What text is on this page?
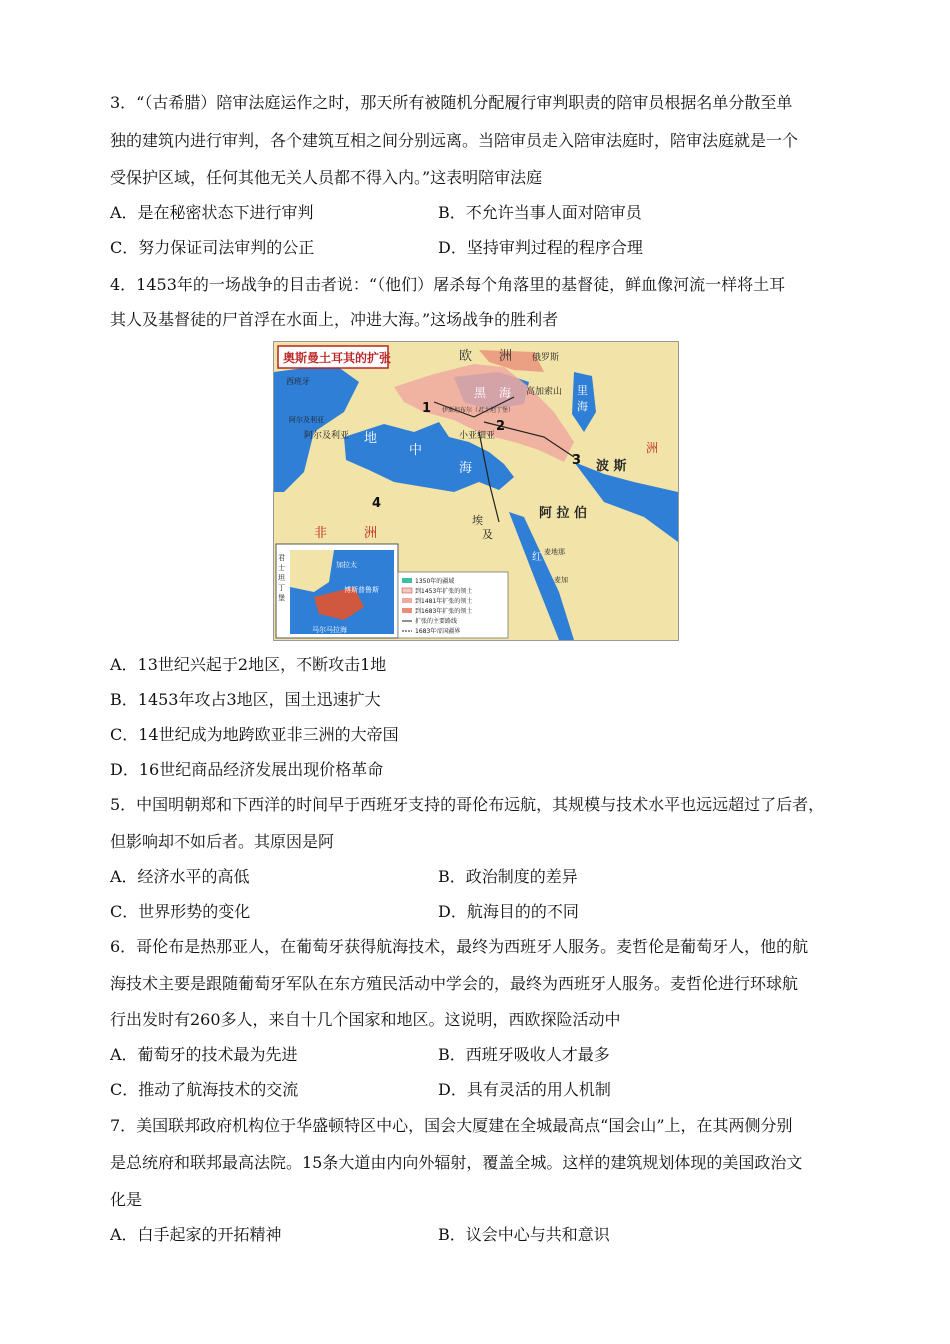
3．“（古希腊）陪审法庭运作之时，那天所有被随机分配履行审判职责的陪审员根据名单分散至单
独的建筑内进行审判，各个建筑互相之间分别远离。当陪审员走入陪审法庭时，陪审法庭就是一个
受保护区域，任何其他无关人员都不得入内。”这表明陪审法庭
A．是在秘密状态下进行审判	B．不允许当事人面对陪审员
C．努力保证司法审判的公正	D．坚持审判过程的程序合理
4．1453年的一场战争的目击者说：“（他们）屠杀每个角落里的基督徒，鲜血像河流一样将土耳
其人及基督徒的尸首浮在水面上，冲进大海。”这场战争的胜利者
奥斯曼土耳其的扩张	欧 洲 俄罗斯
西班牙
阿尔及利亚
阿尔及利亚 地
中
海
黑 海 高加索山 里
海
小亚细亚
波 斯
洲
阿 拉 伯
埃
及
非	洲
红 麦地那
麦加
伊斯坦布尔（君士坦丁堡）
1
2
3
4
君
士
坦
丁
堡
加拉太
博斯普鲁斯
马尔马拉海
1350年的疆域
到1453年扩张的领土
到1481年扩张的领土
到1683年扩张的领土
扩张的主要路线
1683年帝国疆界
A．13世纪兴起于2地区，不断攻击1地
B．1453年攻占3地区，国土迅速扩大
C．14世纪成为地跨欧亚非三洲的大帝国
D．16世纪商品经济发展出现价格革命
5．中国明朝郑和下西洋的时间早于西班牙支持的哥伦布远航，其规模与技术水平也远远超过了后者，
但影响却不如后者。其原因是阿
A．经济水平的高低	B．政治制度的差异
C．世界形势的变化	D．航海目的的不同
6．哥伦布是热那亚人，在葡萄牙获得航海技术，最终为西班牙人服务。麦哲伦是葡萄牙人，他的航
海技术主要是跟随葡萄牙军队在东方殖民活动中学会的，最终为西班牙人服务。麦哲伦进行环球航
行出发时有260多人，来自十几个国家和地区。这说明，西欧探险活动中
A．葡萄牙的技术最为先进	B．西班牙吸收人才最多
C．推动了航海技术的交流	D．具有灵活的用人机制
7．美国联邦政府机构位于华盛顿特区中心，国会大厦建在全城最高点“国会山”上，在其两侧分别
是总统府和联邦最高法院。15条大道由内向外辐射，覆盖全城。这样的建筑规划体现的美国政治文
化是
A．白手起家的开拓精神	B．议会中心与共和意识
